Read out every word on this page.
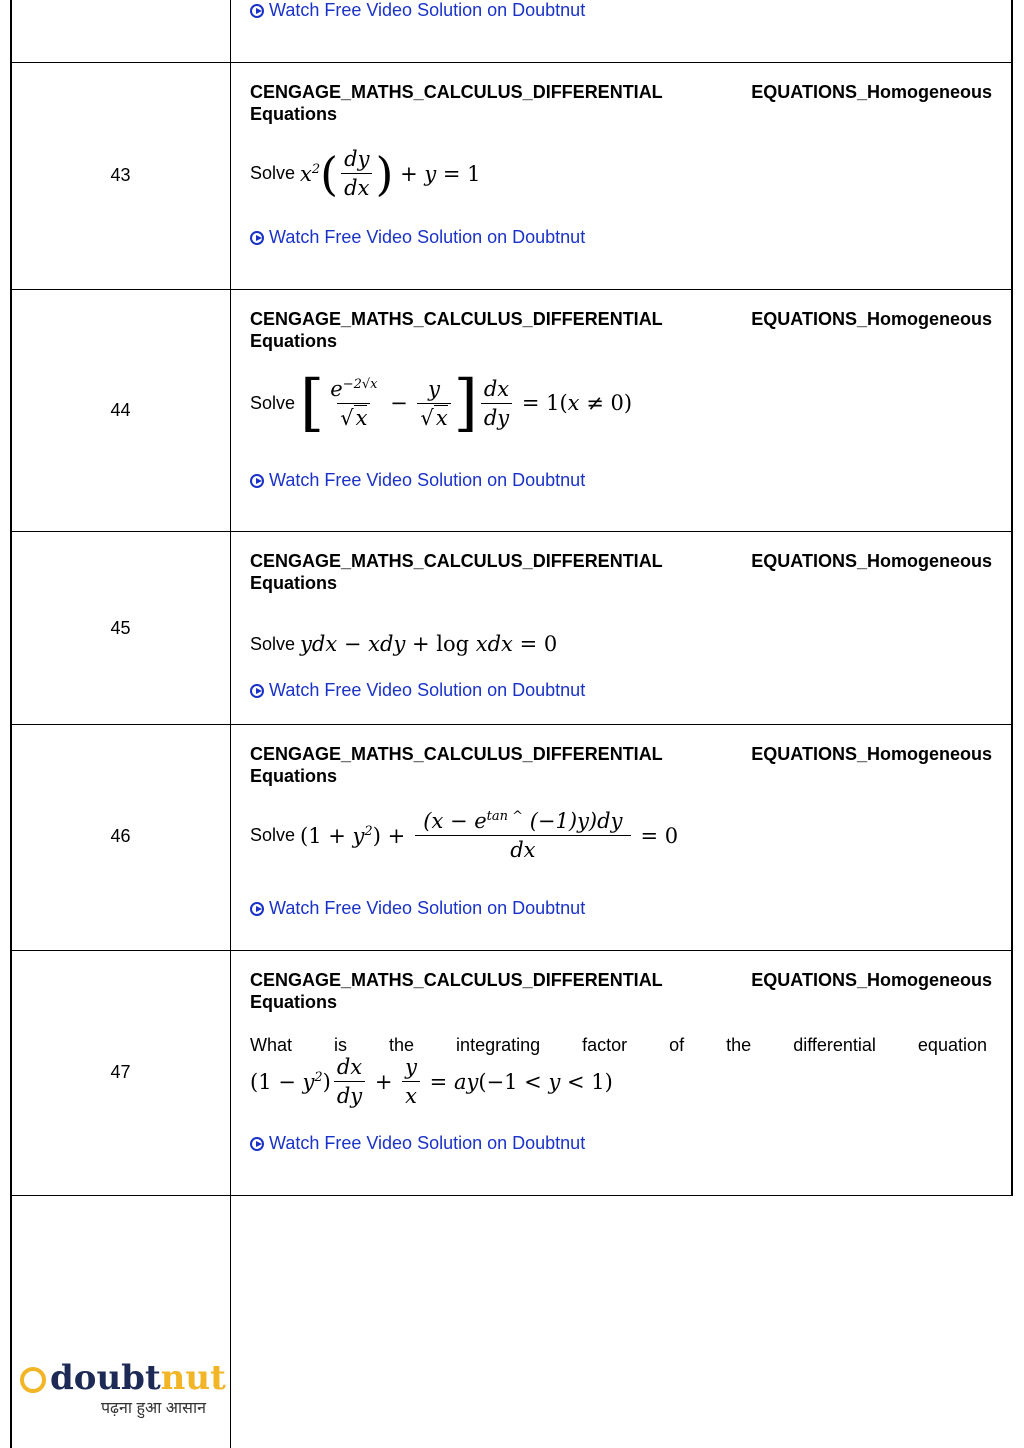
Watch Free Video Solution on Doubtnut
43
CENGAGE_MATHS_CALCULUS_DIFFERENTIAL	EQUATIONS_Homogeneous

Equations
Solve
$x^2$ ( $\frac{dy}{dx}$ ) + y = 1
Watch Free Video Solution on Doubtnut
44
CENGAGE_MATHS_CALCULUS_DIFFERENTIAL	EQUATIONS_Homogeneous

Equations
Solve
[ $\frac{e^{-2√x}}{√x} - \frac{y}{√x}$ ] $\frac{dx}{dy} = 1$( x ≠ 0)
Watch Free Video Solution on Doubtnut
45
CENGAGE_MATHS_CALCULUS_DIFFERENTIAL	EQUATIONS_Homogeneous

Equations
Solve
ydx − xdy + log xdx = 0
Watch Free Video Solution on Doubtnut
46
CENGAGE_MATHS_CALCULUS_DIFFERENTIAL	EQUATIONS_Homogeneous

Equations
Solve
($1 + y^2$ ) + $\frac{(x - e^{tan \^{}} (-1)y)dy}{dx} = 0$
Watch Free Video Solution on Doubtnut
47
CENGAGE_MATHS_CALCULUS_DIFFERENTIAL	EQUATIONS_Homogeneous

Equations
What is the integrating factor of the differential equation
($1 - y^2$ ) $\frac{dx}{dy} + \frac{y}{x}$ = ay (−1 < y < 1)
Watch Free Video Solution on Doubtnut
doubtnut
पढ़ना हुआ आसान
